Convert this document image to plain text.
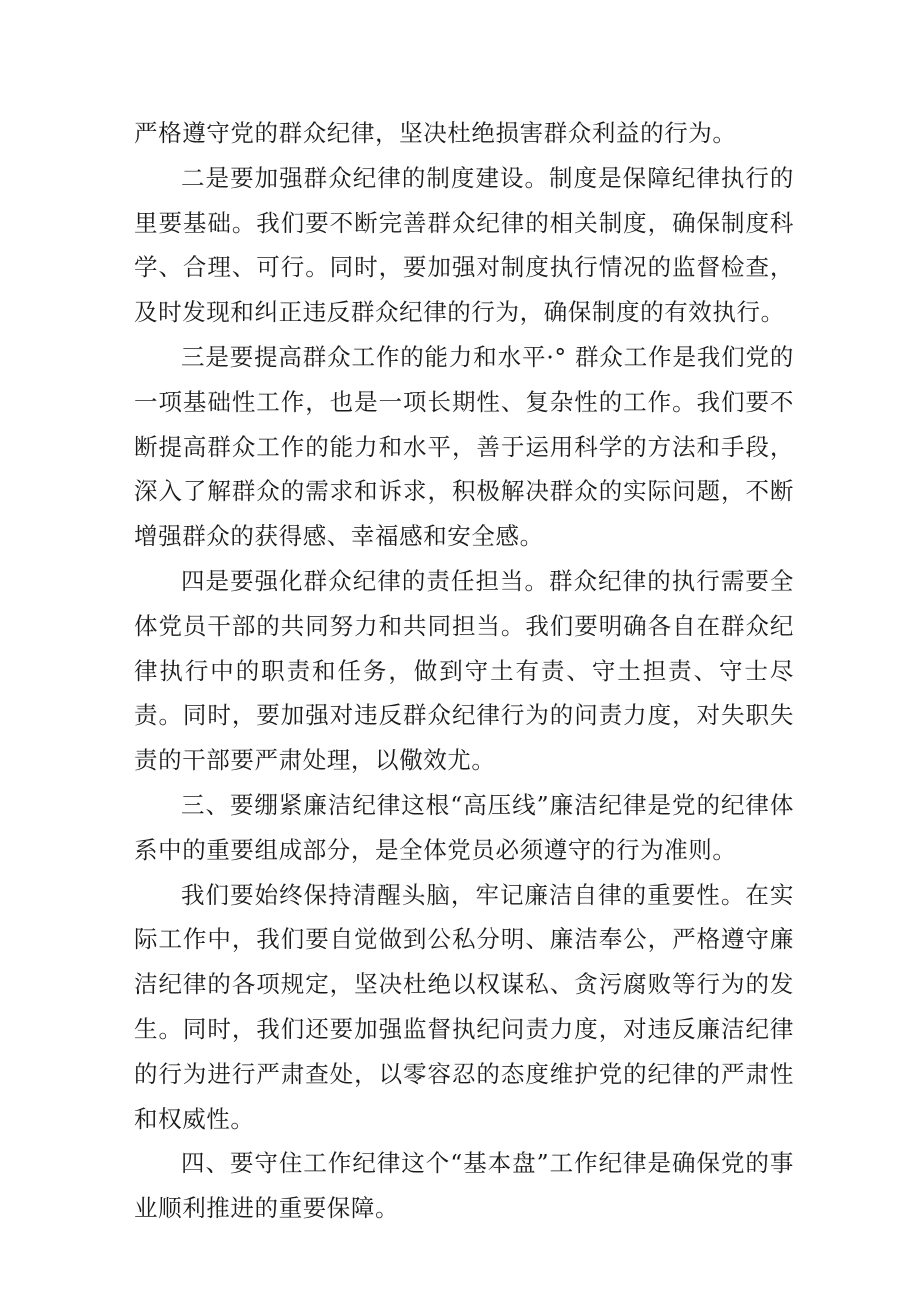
严格遵守党的群众纪律，坚决杜绝损害群众利益的行为。

二是要加强群众纪律的制度建设。制度是保障纪律执行的里要基础。我们要不断完善群众纪律的相关制度，确保制度科学、合理、可行。同时，要加强对制度执行情况的监督检查，及时发现和纠正违反群众纪律的行为，确保制度的有效执行。

三是要提高群众工作的能力和水平·° 群众工作是我们党的一项基础性工作，也是一项长期性、复杂性的工作。我们要不断提高群众工作的能力和水平，善于运用科学的方法和手段，深入了解群众的需求和诉求，积极解决群众的实际问题，不断增强群众的获得感、幸福感和安全感。

四是要强化群众纪律的责任担当。群众纪律的执行需要全体党员干部的共同努力和共同担当。我们要明确各自在群众纪律执行中的职责和任务，做到守土有责、守土担责、守士尽责。同时，要加强对违反群众纪律行为的问责力度，对失职失责的干部要严肃处理，以儆效尤。

三、要绷紧廉洁纪律这根“高压线”廉洁纪律是党的纪律体系中的重要组成部分，是全体党员必须遵守的行为准则。

我们要始终保持清醒头脑，牢记廉洁自律的重要性。在实际工作中，我们要自觉做到公私分明、廉洁奉公，严格遵守廉洁纪律的各项规定，坚决杜绝以权谋私、贪污腐败等行为的发生。同时，我们还要加强监督执纪问责力度，对违反廉洁纪律的行为进行严肃查处，以零容忍的态度维护党的纪律的严肃性和权威性。

四、要守住工作纪律这个“基本盘”工作纪律是确保党的事业顺利推进的重要保障。
